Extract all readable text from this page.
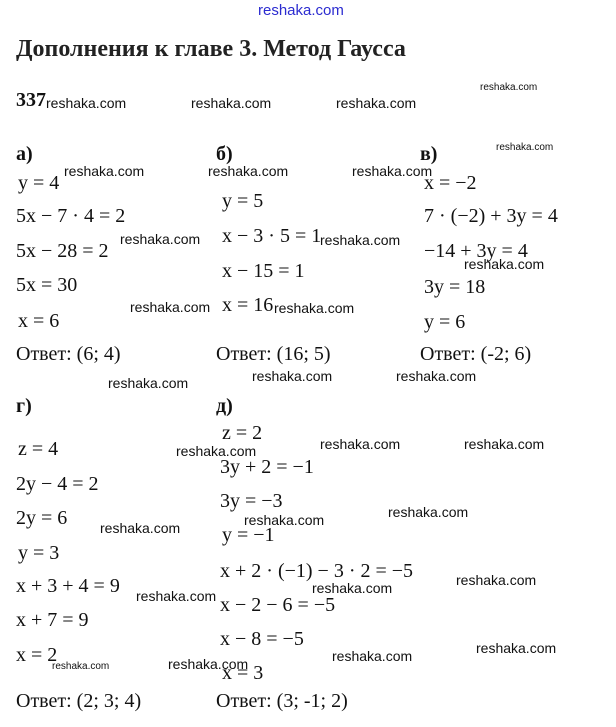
reshaka.com
Дополнения к главе 3. Метод Гаусса
337
а)
y = 4
5x − 7 · 4 = 2
5x − 28 = 2
5x = 30
x = 6
Ответ: (6; 4)
б)
y = 5
x − 3 · 5 = 1
x − 15 = 1
x = 16
Ответ: (16; 5)
в)
x = −2
7 · (−2) + 3y = 4
−14 + 3y = 4
3y = 18
y = 6
Ответ: (-2; 6)
г)
z = 4
2y − 4 = 2
2y = 6
y = 3
x + 3 + 4 = 9
x + 7 = 9
x = 2
Ответ: (2; 3; 4)
д)
z = 2
3y + 2 = −1
3y = −3
y = −1
x + 2 · (−1) − 3 · 2 = −5
x − 2 − 6 = −5
x − 8 = −5
x = 3
Ответ: (3; -1; 2)
reshaka.com	reshaka.com	reshaka.com
reshaka.com
reshaka.com
reshaka.com	reshaka.com	reshaka.com
reshaka.com	reshaka.com
reshaka.com
reshaka.com	reshaka.com
reshaka.com	reshaka.com
reshaka.com
reshaka.com	reshaka.com
reshaka.com
reshaka.com
reshaka.com
reshaka.com
reshaka.com
reshaka.com
reshaka.com
reshaka.com
reshaka.com
reshaka.com
reshaka.com
